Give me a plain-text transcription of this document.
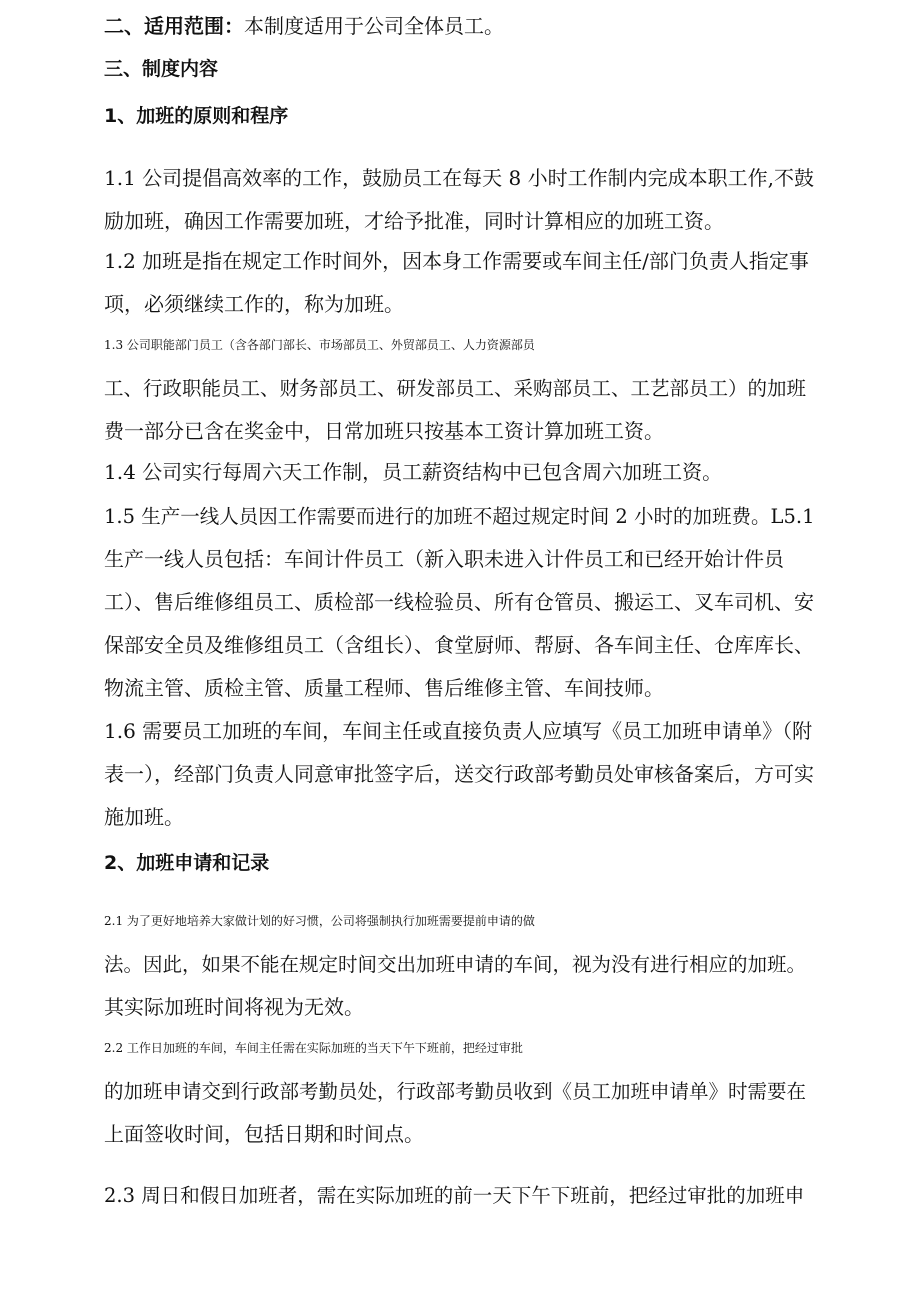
二、适用范围：本制度适用于公司全体员工。

三、制度内容

1、加班的原则和程序

1.1 公司提倡高效率的工作，鼓励员工在每天 8 小时工作制内完成本职工作,不鼓
励加班，确因工作需要加班，才给予批准，同时计算相应的加班工资。
1.2 加班是指在规定工作时间外，因本身工作需要或车间主任/部门负责人指定事
项，必须继续工作的，称为加班。
1.3 公司职能部门员工（含各部门部长、市场部员工、外贸部员工、人力资源部员
工、行政职能员工、财务部员工、研发部员工、采购部员工、工艺部员工）的加班
费一部分已含在奖金中，日常加班只按基本工资计算加班工资。
1.4 公司实行每周六天工作制，员工薪资结构中已包含周六加班工资。
1.5 生产一线人员因工作需要而进行的加班不超过规定时间 2 小时的加班费。L5.1
生产一线人员包括：车间计件员工（新入职未进入计件员工和已经开始计件员
工）、售后维修组员工、质检部一线检验员、所有仓管员、搬运工、叉车司机、安
保部安全员及维修组员工（含组长）、食堂厨师、帮厨、各车间主任、仓库库长、
物流主管、质检主管、质量工程师、售后维修主管、车间技师。
1.6 需要员工加班的车间，车间主任或直接负责人应填写《员工加班申请单》（附
表一），经部门负责人同意审批签字后，送交行政部考勤员处审核备案后，方可实
施加班。

2、加班申请和记录

2.1 为了更好地培养大家做计划的好习惯，公司将强制执行加班需要提前申请的做
法。因此，如果不能在规定时间交出加班申请的车间，视为没有进行相应的加班。
其实际加班时间将视为无效。
2.2 工作日加班的车间，车间主任需在实际加班的当天下午下班前，把经过审批
的加班申请交到行政部考勤员处，行政部考勤员收到《员工加班申请单》时需要在
上面签收时间，包括日期和时间点。
2.3 周日和假日加班者，需在实际加班的前一天下午下班前，把经过审批的加班申
